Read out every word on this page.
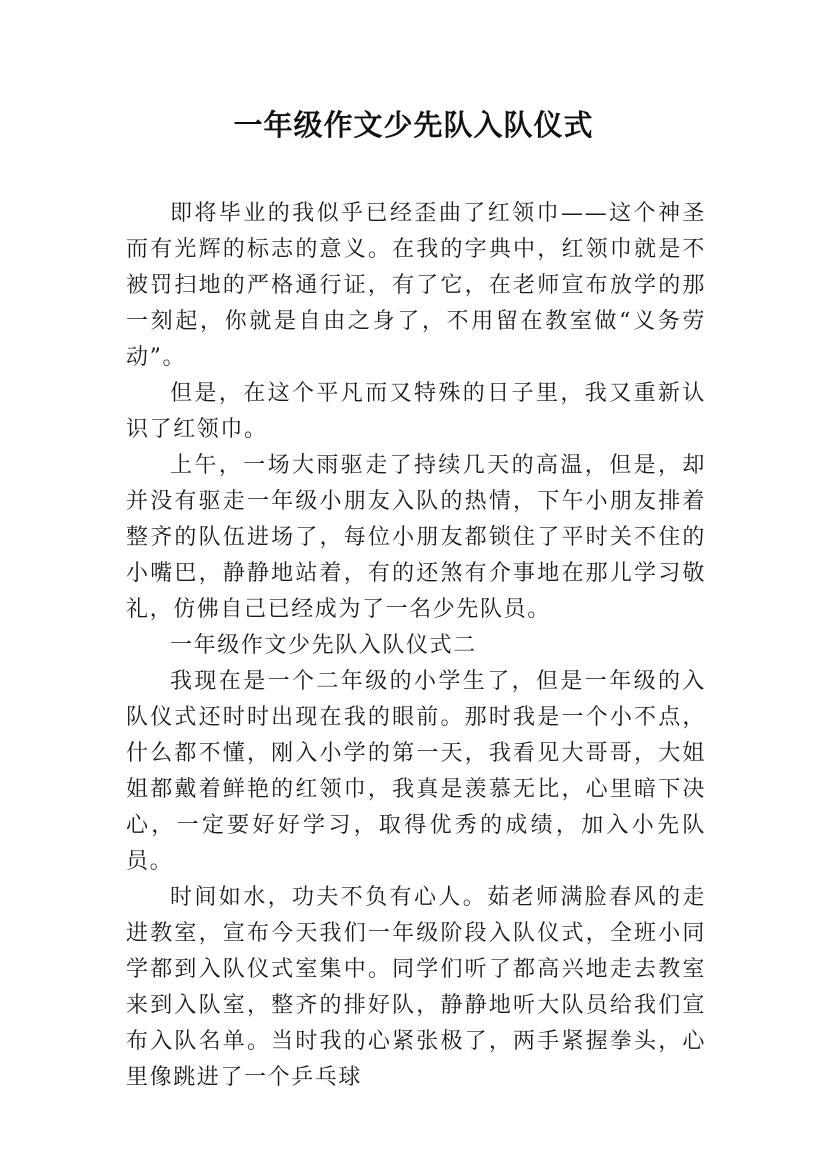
一年级作文少先队入队仪式

即将毕业的我似乎已经歪曲了红领巾——这个神圣而有光辉的标志的意义。在我的字典中，红领巾就是不被罚扫地的严格通行证，有了它，在老师宣布放学的那一刻起，你就是自由之身了，不用留在教室做“义务劳动”。

但是，在这个平凡而又特殊的日子里，我又重新认识了红领巾。

上午，一场大雨驱走了持续几天的高温，但是，却并没有驱走一年级小朋友入队的热情，下午小朋友排着整齐的队伍进场了，每位小朋友都锁住了平时关不住的小嘴巴，静静地站着，有的还煞有介事地在那儿学习敬礼，仿佛自己已经成为了一名少先队员。

一年级作文少先队入队仪式二

我现在是一个二年级的小学生了，但是一年级的入队仪式还时时出现在我的眼前。那时我是一个小不点，什么都不懂，刚入小学的第一天，我看见大哥哥，大姐姐都戴着鲜艳的红领巾，我真是羡慕无比，心里暗下决心，一定要好好学习，取得优秀的成绩，加入小先队员。

时间如水，功夫不负有心人。茹老师满脸春风的走进教室，宣布今天我们一年级阶段入队仪式，全班小同学都到入队仪式室集中。同学们听了都高兴地走去教室来到入队室，整齐的排好队，静静地听大队员给我们宣布入队名单。当时我的心紧张极了，两手紧握拳头，心里像跳进了一个乒乓球
